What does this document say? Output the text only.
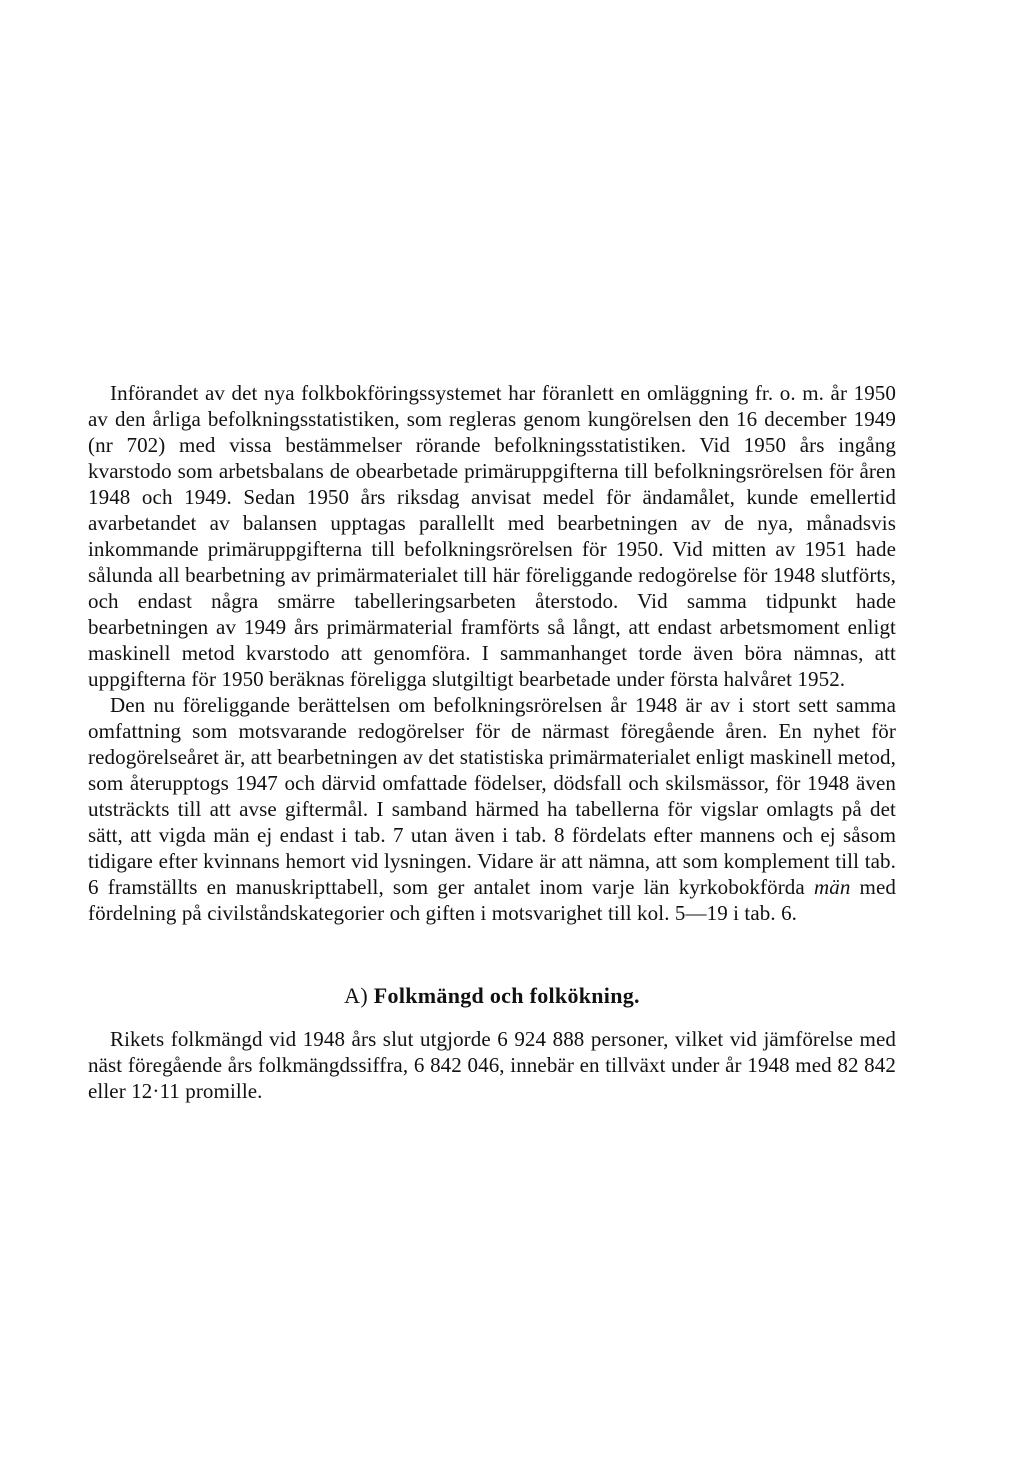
Införandet av det nya folkbokföringssystemet har föranlett en omläggning fr. o. m. år 1950 av den årliga befolkningsstatistiken, som regleras genom kungörelsen den 16 december 1949 (nr 702) med vissa bestämmelser rörande befolkningsstatistiken. Vid 1950 års ingång kvarstodo som arbetsbalans de obearbetade primäruppgifterna till befolkningsrörelsen för åren 1948 och 1949. Sedan 1950 års riksdag anvisat medel för ändamålet, kunde emellertid avarbetandet av balansen upptagas parallellt med bearbetningen av de nya, månadsvis inkommande primäruppgifterna till befolkningsrörelsen för 1950. Vid mitten av 1951 hade sålunda all bearbetning av primärmaterialet till här föreliggande redogörelse för 1948 slutförts, och endast några smärre tabelleringsarbeten återstodo. Vid samma tidpunkt hade bearbetningen av 1949 års primärmaterial framförts så långt, att endast arbetsmoment enligt maskinell metod kvarstodo att genomföra. I sammanhanget torde även böra nämnas, att uppgifterna för 1950 beräknas föreligga slutgiltigt bearbetade under första halvåret 1952.

Den nu föreliggande berättelsen om befolkningsrörelsen år 1948 är av i stort sett samma omfattning som motsvarande redogörelser för de närmast föregående åren. En nyhet för redogörelseåret är, att bearbetningen av det statistiska primärmaterialet enligt maskinell metod, som återupptogs 1947 och därvid omfattade födelser, dödsfall och skilsmässor, för 1948 även utsträckts till att avse giftermål. I samband härmed ha tabellerna för vigslar omlagts på det sätt, att vigda män ej endast i tab. 7 utan även i tab. 8 fördelats efter mannens och ej såsom tidigare efter kvinnans hemort vid lysningen. Vidare är att nämna, att som komplement till tab. 6 framställts en manuskripttabell, som ger antalet inom varje län kyrkobokförda män med fördelning på civilståndskategorier och giften i motsvarighet till kol. 5—19 i tab. 6.

A) Folkmängd och folkökning.

Rikets folkmängd vid 1948 års slut utgjorde 6 924 888 personer, vilket vid jämförelse med näst föregående års folkmängdssiffra, 6 842 046, innebär en tillväxt under år 1948 med 82 842 eller 12·11 promille.
